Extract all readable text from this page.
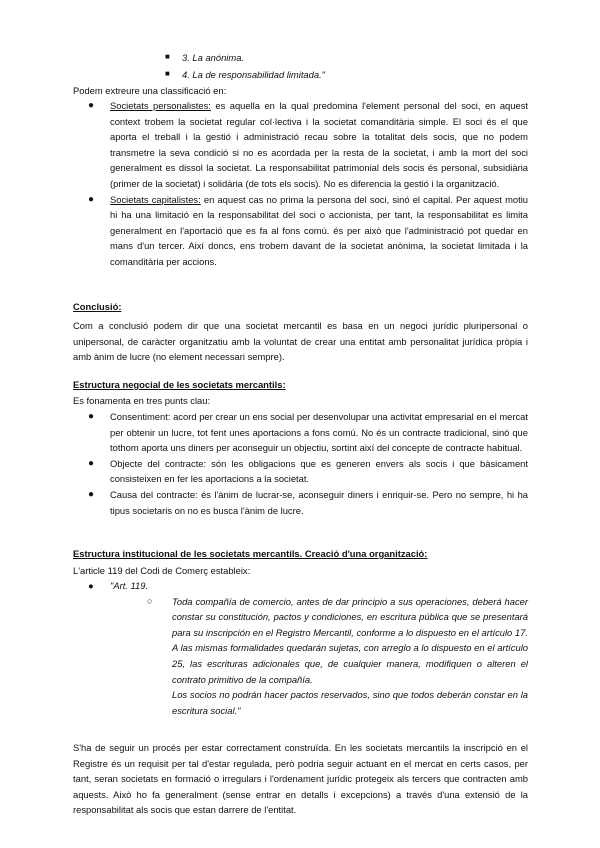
■ 3. La anónima.
■ 4. La de responsabilidad limitada."
Podem extreure una classificació en:
● Societats personalistes: es aquella en la qual predomina l'element personal del soci, en aquest context trobem la societat regular col·lectiva i la societat comanditària simple. El soci és el que aporta el treball i la gestió i administració recau sobre la totalitat dels socis, que no podem transmetre la seva condició si no es acordada per la resta de la societat, i amb la mort del soci generalment es dissol la societat. La responsabilitat patrimonial dels socis és personal, subsidiària (primer de la societat) i solidària (de tots els socis). No es diferencia la gestió i la organització.
● Societats capitalistes: en aquest cas no prima la persona del soci, sinó el capital. Per aquest motiu hi ha una limitació en la responsabilitat del soci o accionista, per tant, la responsabilitat es limita generalment en l'aportació que es fa al fons comú. és per això que l'administració pot quedar en mans d'un tercer. Així doncs, ens trobem davant de la societat anònima, la societat limitada i la comanditària per accions.
Conclusió:

Com a conclusió podem dir que una societat mercantil es basa en un negoci jurídic pluripersonal o unipersonal, de caràcter organitzatiu amb la voluntat de crear una entitat amb personalitat jurídica pròpia i amb ànim de lucre (no element necessari sempre).

Estructura negocial de les societats mercantils:
Es fonamenta en tres punts clau:
● Consentiment: acord per crear un ens social per desenvolupar una activitat empresarial en el mercat per obtenir un lucre, tot fent unes aportacions a fons comú. No és un contracte tradicional, sinó que tothom aporta uns diners per aconseguir un objectiu, sortint així del concepte de contracte habitual.
● Objecte del contracte: són les obligacions que es generen envers als socis i que bàsicament consisteixen en fer les aportacions a la societat.
● Causa del contracte: és l'ànim de lucrar-se, aconseguir diners i enriquir-se. Pero no sempre, hi ha tipus societaris on no es busca l'ànim de lucre.
Estructura institucional de les societats mercantils. Creació d'una organització:
L'article 119 del Codi de Comerç estableix:
● "Art. 119.
○ Toda compañía de comercio, antes de dar principio a sus operaciones, deberá hacer constar su constitución, pactos y condiciones, en escritura pública que se presentará para su inscripción en el Registro Mercantil, conforme a lo dispuesto en el artículo 17.

A las mismas formalidades quedarán sujetas, con arreglo a lo dispuesto en el artículo 25, las escrituras adicionales que, de cualquier manera, modifiquen o alteren el contrato primitivo de la compañía.

Los socios no podrán hacer pactos reservados, sino que todos deberán constar en la escritura social."

S'ha de seguir un procés per estar correctament construïda. En les societats mercantils la inscripció en el Registre és un requisit per tal d'estar regulada, però podria seguir actuant en el mercat en certs casos, per tant, seran societats en formació o irregulars i l'ordenament jurídic protegeix als tercers que contracten amb aquests. Això ho fa generalment (sense entrar en detalls i excepcions) a través d'una extensió de la responsabilitat als socis que estan darrere de l'entitat.
